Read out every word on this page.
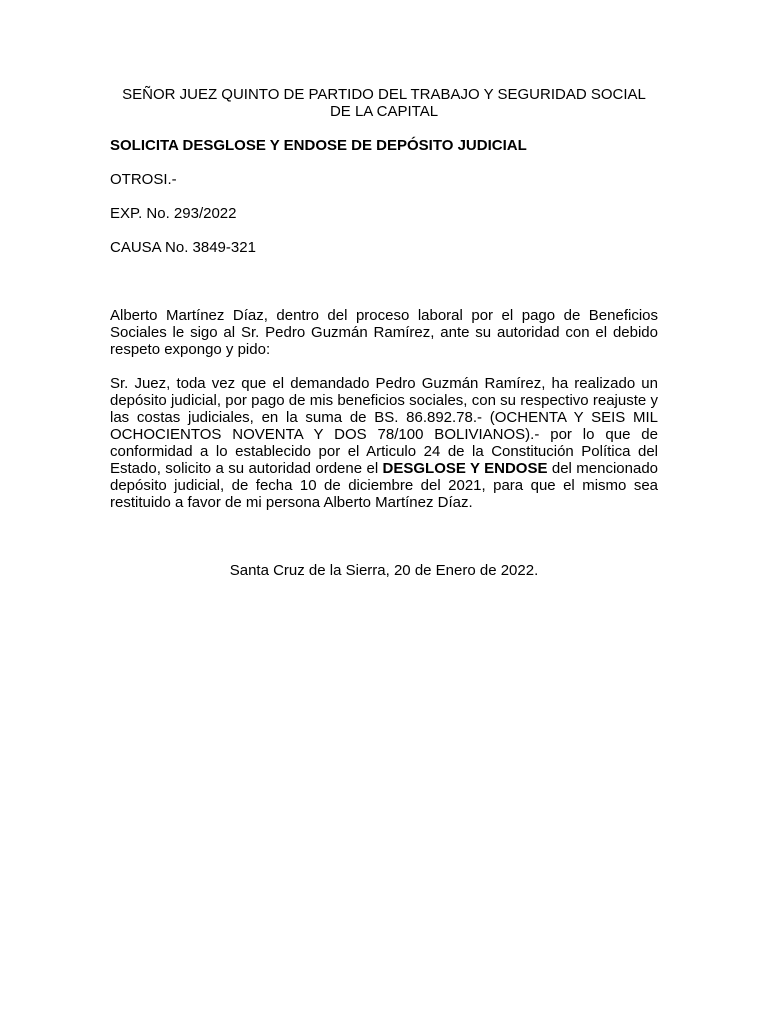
SEÑOR JUEZ QUINTO DE PARTIDO DEL TRABAJO Y SEGURIDAD SOCIAL DE LA CAPITAL

SOLICITA DESGLOSE Y ENDOSE DE DEPÓSITO JUDICIAL

OTROSI.-

EXP. No. 293/2022

CAUSA No. 3849-321

Alberto Martínez Díaz, dentro del proceso laboral por el pago de Beneficios Sociales le sigo al Sr. Pedro Guzmán Ramírez, ante su autoridad con el debido respeto expongo y pido:

Sr. Juez, toda vez que el demandado Pedro Guzmán Ramírez, ha realizado un depósito judicial, por pago de mis beneficios sociales, con su respectivo reajuste y las costas judiciales, en la suma de BS. 86.892.78.- (OCHENTA Y SEIS MIL OCHOCIENTOS NOVENTA Y DOS 78/100 BOLIVIANOS).- por lo que de conformidad a lo establecido por el Articulo 24 de la Constitución Política del Estado, solicito a su autoridad ordene el DESGLOSE Y ENDOSE del mencionado depósito judicial, de fecha 10 de diciembre del 2021, para que el mismo sea restituido a favor de mi persona Alberto Martínez Díaz.

Santa Cruz de la Sierra, 20 de Enero de 2022.
